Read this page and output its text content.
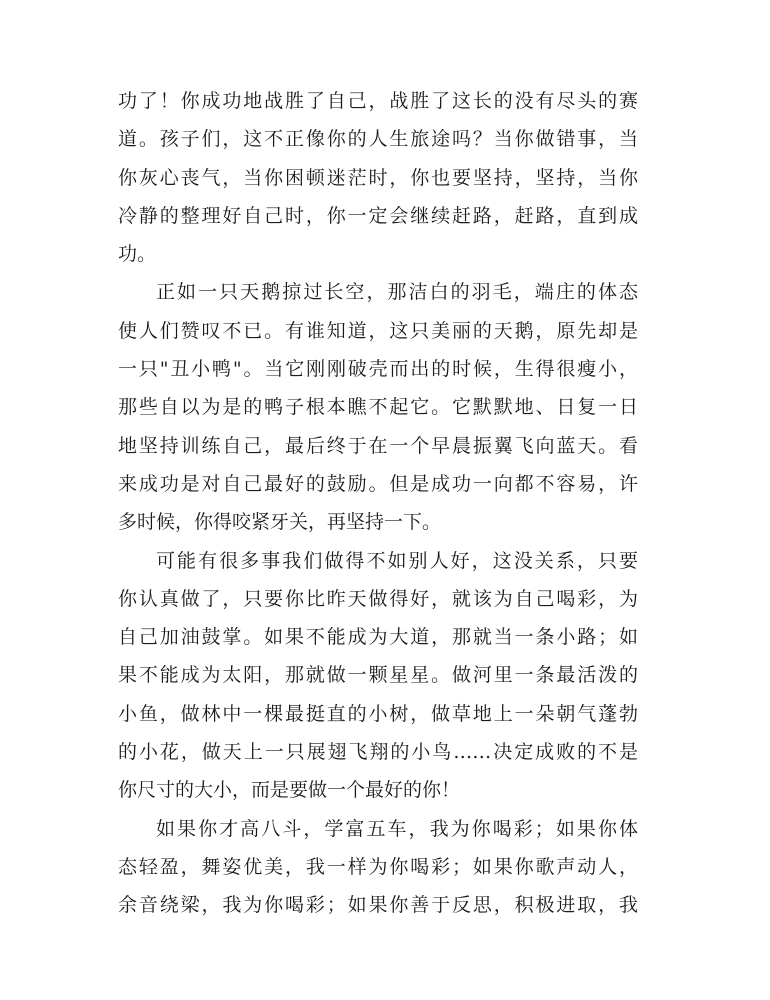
功了！你成功地战胜了自己，战胜了这长的没有尽头的赛
道。孩子们，这不正像你的人生旅途吗？当你做错事，当
你灰心丧气，当你困顿迷茫时，你也要坚持，坚持，当你
冷静的整理好自己时，你一定会继续赶路，赶路，直到成
功。
正如一只天鹅掠过长空，那洁白的羽毛，端庄的体态
使人们赞叹不已。有谁知道，这只美丽的天鹅，原先却是
一只"丑小鸭"。当它刚刚破壳而出的时候，生得很瘦小，
那些自以为是的鸭子根本瞧不起它。它默默地、日复一日
地坚持训练自己，最后终于在一个早晨振翼飞向蓝天。看
来成功是对自己最好的鼓励。但是成功一向都不容易，许
多时候，你得咬紧牙关，再坚持一下。
可能有很多事我们做得不如别人好，这没关系，只要
你认真做了，只要你比昨天做得好，就该为自己喝彩，为
自己加油鼓掌。如果不能成为大道，那就当一条小路；如
果不能成为太阳，那就做一颗星星。做河里一条最活泼的
小鱼，做林中一棵最挺直的小树，做草地上一朵朝气蓬勃
的小花，做天上一只展翅飞翔的小鸟……决定成败的不是
你尺寸的大小，而是要做一个最好的你！
如果你才高八斗，学富五车，我为你喝彩；如果你体
态轻盈，舞姿优美，我一样为你喝彩；如果你歌声动人，
余音绕梁，我为你喝彩；如果你善于反思，积极进取，我
